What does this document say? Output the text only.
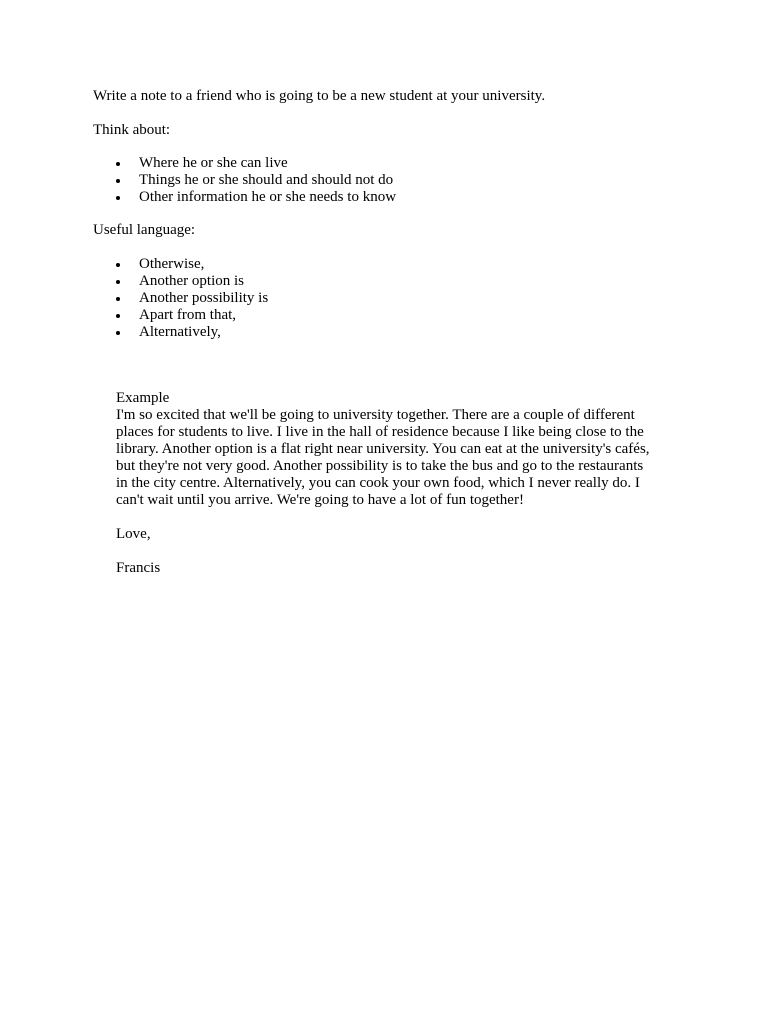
Write a note to a friend who is going to be a new student at your university.

Think about:

Where he or she can live
Things he or she should and should not do
Other information he or she needs to know

Useful language:

Otherwise,
Another option is
Another possibility is
Apart from that,
Alternatively,

Example

I'm so excited that we'll be going to university together. There are a couple of different
places for students to live. I live in the hall of residence because I like being close to the
library. Another option is a flat right near university. You can eat at the university's cafés,
but they're not very good. Another possibility is to take the bus and go to the restaurants
in the city centre. Alternatively, you can cook your own food, which I never really do. I
can't wait until you arrive. We're going to have a lot of fun together!

Love,

Francis
